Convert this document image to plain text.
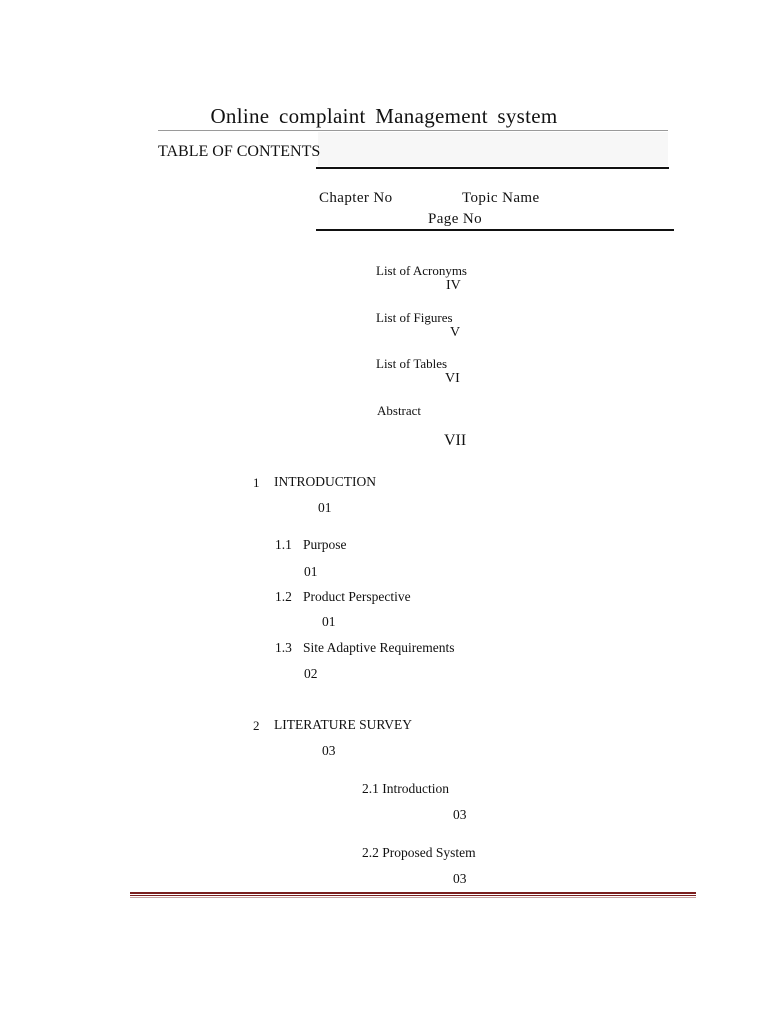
Online complaint Management system
TABLE OF CONTENTS
Chapter No	Topic Name
Page No
List of Acronyms
IV
List of Figures
V
List of Tables
VI
Abstract
VII
1 INTRODUCTION
01
1.1 Purpose
01
1.2 Product Perspective
01
1.3 Site Adaptive Requirements
02
2 LITERATURE SURVEY
03
2.1 Introduction
03
2.2 Proposed System
03
